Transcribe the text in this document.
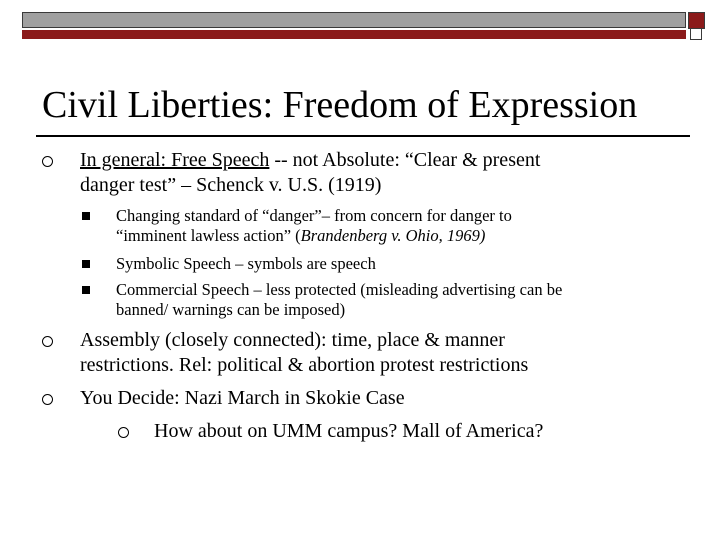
Civil Liberties: Freedom of Expression
In general: Free Speech -- not Absolute: “Clear & present
danger test” – Schenck v. U.S. (1919)
Changing standard of “danger”– from concern for danger to
“imminent lawless action” (Brandenberg v. Ohio, 1969)
Symbolic Speech – symbols are speech
Commercial Speech – less protected (misleading advertising can be
banned/ warnings can be imposed)
Assembly (closely connected): time, place & manner
restrictions. Rel: political & abortion protest restrictions
You Decide: Nazi March in Skokie Case
How about on UMM campus? Mall of America?
